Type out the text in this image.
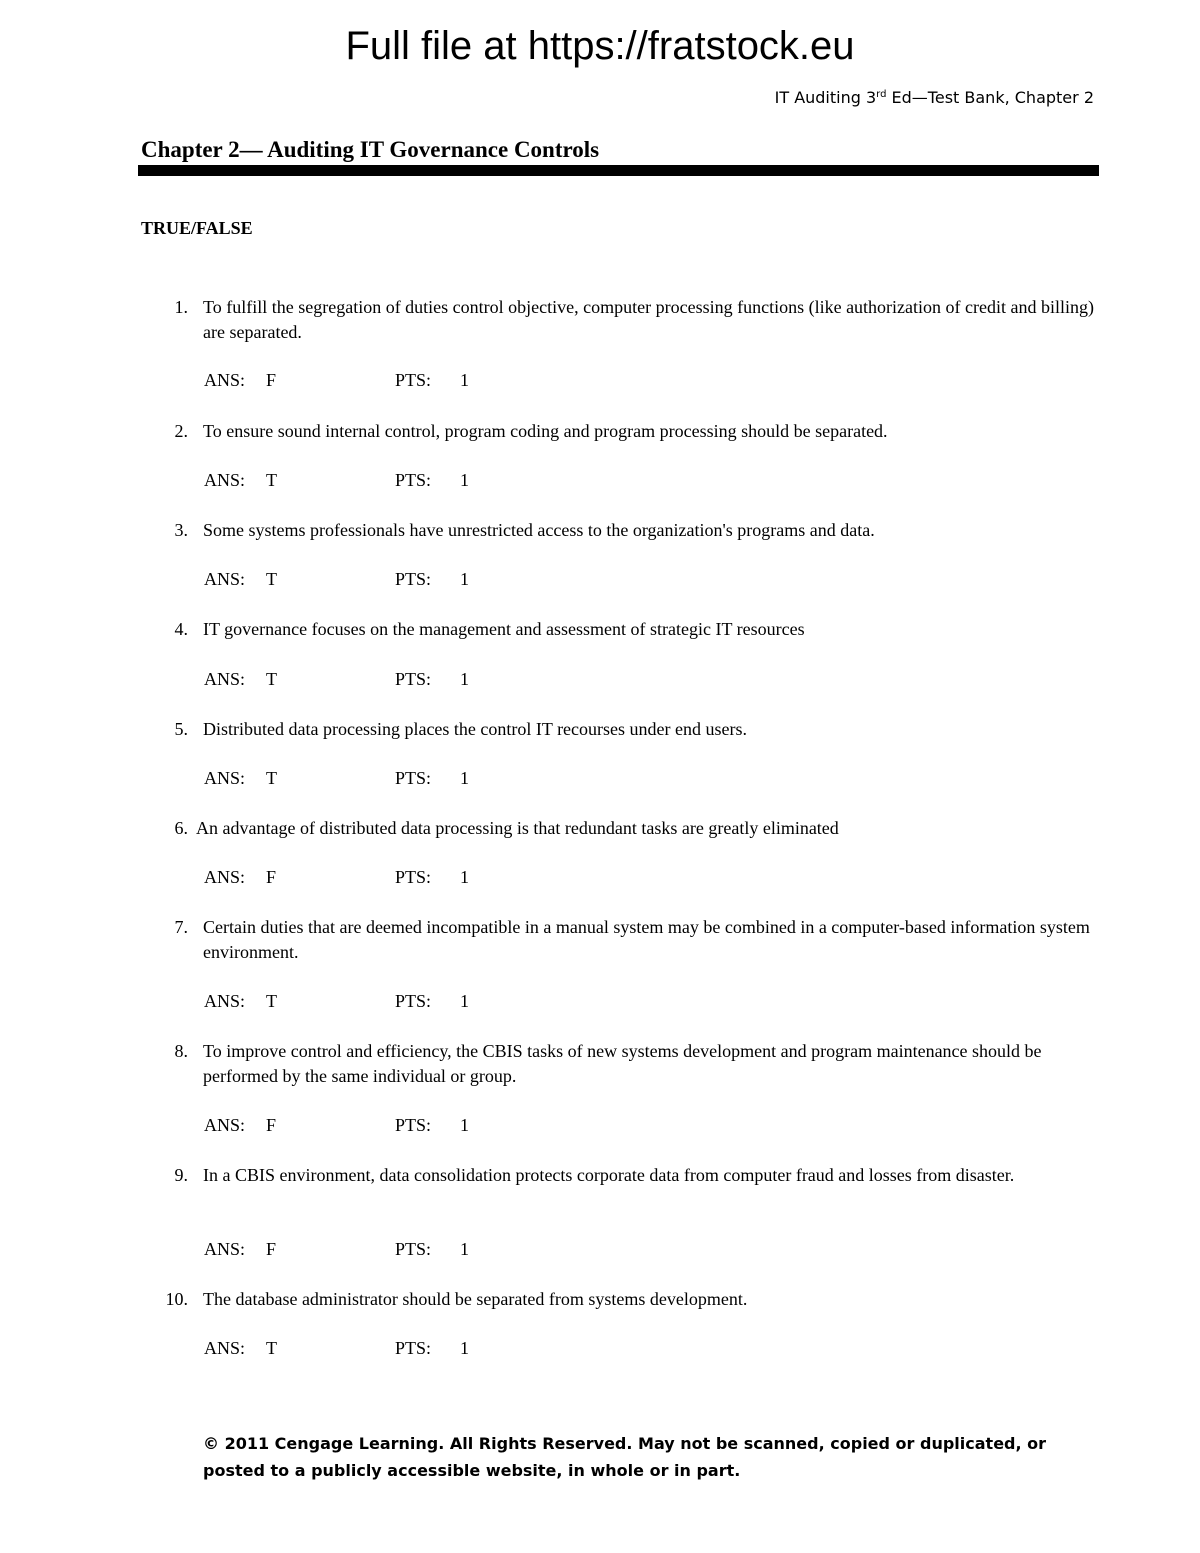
Full file at https://fratstock.eu
IT Auditing 3rd Ed—Test Bank, Chapter 2
Chapter 2— Auditing IT Governance Controls
TRUE/FALSE
1. To fulfill the segregation of duties control objective, computer processing functions (like authorization of credit and billing) are separated.
ANS: F	PTS: 1
2. To ensure sound internal control, program coding and program processing should be separated.
ANS: T	PTS: 1
3. Some systems professionals have unrestricted access to the organization's programs and data.
ANS: T	PTS: 1
4. IT governance focuses on the management and assessment of strategic IT resources
ANS: T	PTS: 1
5. Distributed data processing places the control IT recourses under end users.
ANS: T	PTS: 1
6. An advantage of distributed data processing is that redundant tasks are greatly eliminated
ANS: F	PTS: 1
7. Certain duties that are deemed incompatible in a manual system may be combined in a computer-based information system environment.
ANS: T	PTS: 1
8. To improve control and efficiency, the CBIS tasks of new systems development and program maintenance should be performed by the same individual or group.
ANS: F	PTS: 1
9. In a CBIS environment, data consolidation protects corporate data from computer fraud and losses from disaster.
ANS: F	PTS: 1
10. The database administrator should be separated from systems development.
ANS: T	PTS: 1
© 2011 Cengage Learning. All Rights Reserved. May not be scanned, copied or duplicated, or
posted to a publicly accessible website, in whole or in part.
